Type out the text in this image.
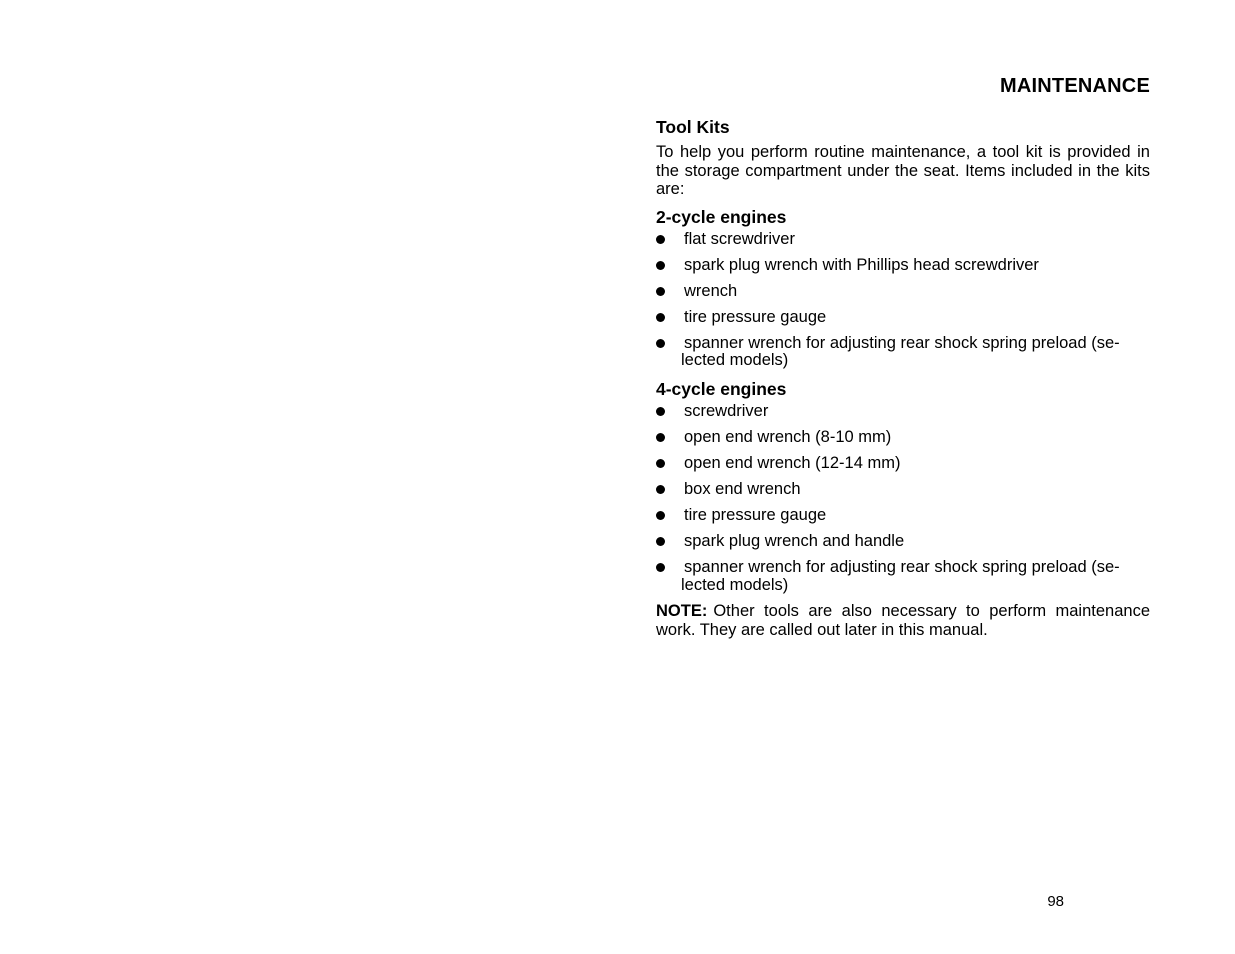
MAINTENANCE
Tool Kits

To help you perform routine maintenance, a tool kit is provided in the storage compartment under the seat. Items included in the kits are:

2-cycle engines
flat screwdriver
spark plug wrench with Phillips head screwdriver
wrench
tire pressure gauge
spanner wrench for adjusting rear shock spring preload (se-
lected models)
4-cycle engines
screwdriver
open end wrench (8-10 mm)
open end wrench (12-14 mm)
box end wrench
tire pressure gauge
spark plug wrench and handle
spanner wrench for adjusting rear shock spring preload (se-
lected models)

NOTE: Other tools are also necessary to perform maintenance work. They are called out later in this manual.

98
